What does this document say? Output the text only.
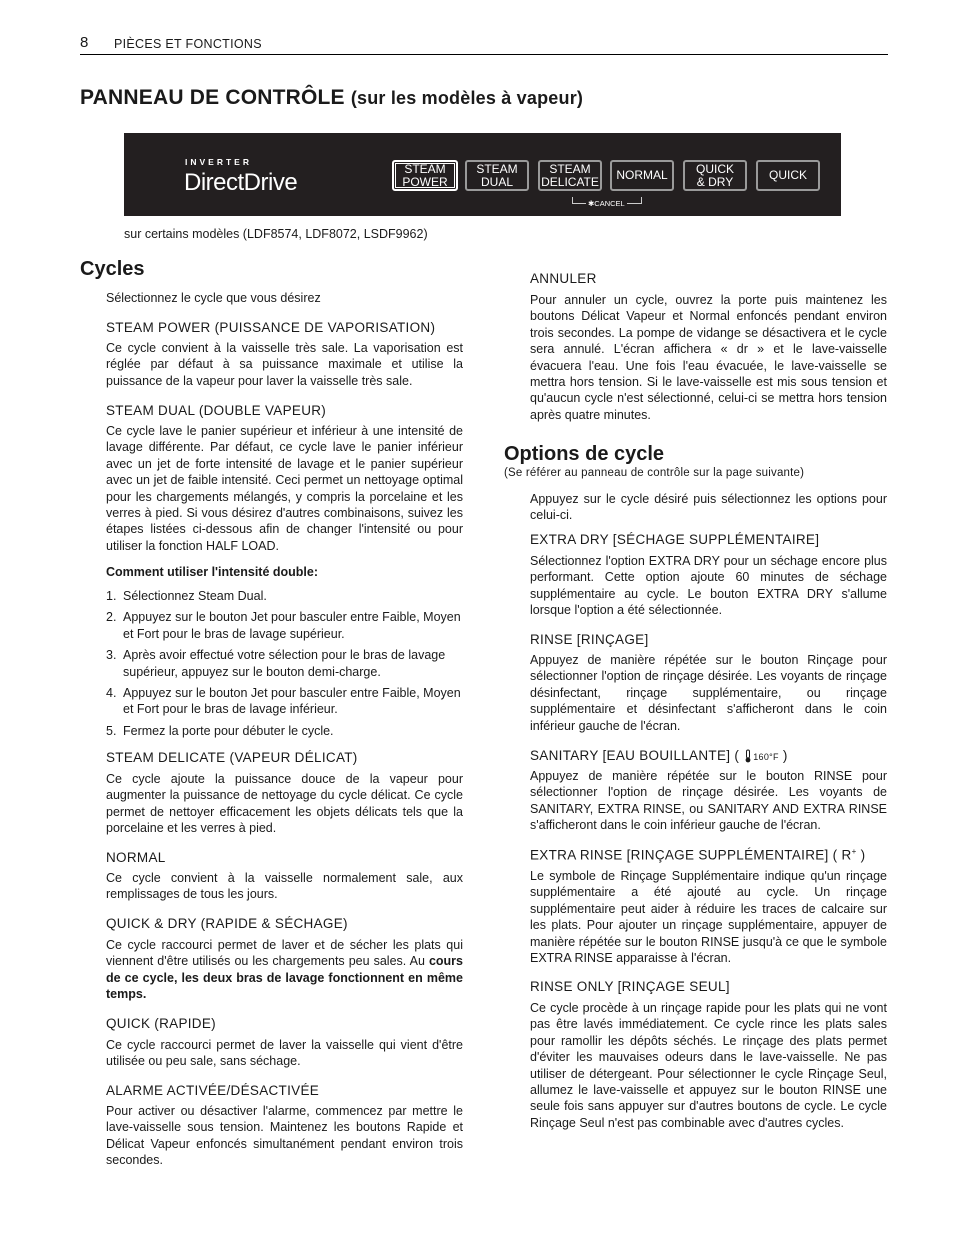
8 PIÈCES ET FONCTIONS
PANNEAU DE CONTRÔLE (sur les modèles à vapeur)
INVERTER
DirectDrive	STEAM
POWER
STEAM
DUAL
STEAM
DELICATE	NORMAL	QUICK
& DRY	QUICK
✱CANCEL
sur certains modèles (LDF8574, LDF8072, LSDF9962)
Cycles
Sélectionnez le cycle que vous désirez
STEAM POWER (PUISSANCE DE VAPORISATION)
Ce cycle convient à la vaisselle très sale. La vaporisation est réglée par défaut à sa puissance maximale et utilise la puissance de la vapeur pour laver la vaisselle très sale.
STEAM DUAL (DOUBLE VAPEUR)
Ce cycle lave le panier supérieur et inférieur à une intensité de lavage différente. Par défaut, ce cycle lave le panier inférieur avec un jet de forte intensité de lavage et le panier supérieur avec un jet de faible intensité. Ceci permet un nettoyage optimal pour les chargements mélangés, y compris la porcelaine et les verres à pied. Si vous désirez d'autres combinaisons, suivez les étapes listées ci-dessous afin de changer l'intensité ou pour utiliser la fonction HALF LOAD.
Comment utiliser l'intensité double:
1. Sélectionnez Steam Dual.
2. Appuyez sur le bouton Jet pour basculer entre Faible, Moyen et Fort pour le bras de lavage supérieur.
3. Après avoir effectué votre sélection pour le bras de lavage supérieur, appuyez sur le bouton demi-charge.
4. Appuyez sur le bouton Jet pour basculer entre Faible, Moyen et Fort pour le bras de lavage inférieur.
5. Fermez la porte pour débuter le cycle.
STEAM DELICATE (VAPEUR DÉLICAT)
Ce cycle ajoute la puissance douce de la vapeur pour augmenter la puissance de nettoyage du cycle délicat. Ce cycle permet de nettoyer efficacement les objets délicats tels que la porcelaine et les verres à pied.
NORMAL
Ce cycle convient à la vaisselle normalement sale, aux remplissages de tous les jours.
QUICK & DRY (RAPIDE & SÉCHAGE)
Ce cycle raccourci permet de laver et de sécher les plats qui viennent d'être utilisés ou les chargements peu sales. Au cours de ce cycle, les deux bras de lavage fonctionnent en même temps.
QUICK (RAPIDE)
Ce cycle raccourci permet de laver la vaisselle qui vient d'être utilisée ou peu sale, sans séchage.
ALARME ACTIVÉE/DÉSACTIVÉE
Pour activer ou désactiver l'alarme, commencez par mettre le lave-vaisselle sous tension. Maintenez les boutons Rapide et Délicat Vapeur enfoncés simultanément pendant environ trois secondes.
ANNULER
Pour annuler un cycle, ouvrez la porte puis maintenez les boutons Délicat Vapeur et Normal enfoncés pendant environ trois secondes. La pompe de vidange se désactivera et le cycle sera annulé. L'écran affichera « dr » et le lave-vaisselle évacuera l'eau. Une fois l'eau évacuée, le lave-vaisselle se mettra hors tension. Si le lave-vaisselle est mis sous tension et qu'aucun cycle n'est sélectionné, celui-ci se mettra hors tension après quatre minutes.
Options de cycle
(Se référer au panneau de contrôle sur la page suivante)
Appuyez sur le cycle désiré puis sélectionnez les options pour celui-ci.
EXTRA DRY [SÉCHAGE SUPPLÉMENTAIRE]
Sélectionnez l'option EXTRA DRY pour un séchage encore plus performant. Cette option ajoute 60 minutes de séchage supplémentaire au cycle. Le bouton EXTRA DRY s'allume lorsque l'option a été sélectionnée.
RINSE [RINÇAGE]
Appuyez de manière répétée sur le bouton Rinçage pour sélectionner l'option de rinçage désirée. Les voyants de rinçage désinfectant, rinçage supplémentaire, ou rinçage supplémentaire et désinfectant s'afficheront dans le coin inférieur gauche de l'écran.
SANITARY [EAU BOUILLANTE] ( 160°F )
Appuyez de manière répétée sur le bouton RINSE pour sélectionner l'option de rinçage désirée. Les voyants de SANITARY, EXTRA RINSE, ou SANITARY AND EXTRA RINSE s'afficheront dans le coin inférieur gauche de l'écran.
EXTRA RINSE [RINÇAGE SUPPLÉMENTAIRE] ( R+ )
Le symbole de Rinçage Supplémentaire indique qu'un rinçage supplémentaire a été ajouté au cycle. Un rinçage supplémentaire peut aider à réduire les traces de calcaire sur les plats. Pour ajouter un rinçage supplémentaire, appuyer de manière répétée sur le bouton RINSE jusqu'à ce que le symbole EXTRA RINSE apparaisse à l'écran.
RINSE ONLY [RINÇAGE SEUL]
Ce cycle procède à un rinçage rapide pour les plats qui ne vont pas être lavés immédiatement. Ce cycle rince les plats sales pour ramollir les dépôts séchés. Le rinçage des plats permet d'éviter les mauvaises odeurs dans le lave-vaisselle. Ne pas utiliser de détergeant. Pour sélectionner le cycle Rinçage Seul, allumez le lave-vaisselle et appuyez sur le bouton RINSE une seule fois sans appuyer sur d'autres boutons de cycle. Le cycle Rinçage Seul n'est pas combinable avec d'autres cycles.
